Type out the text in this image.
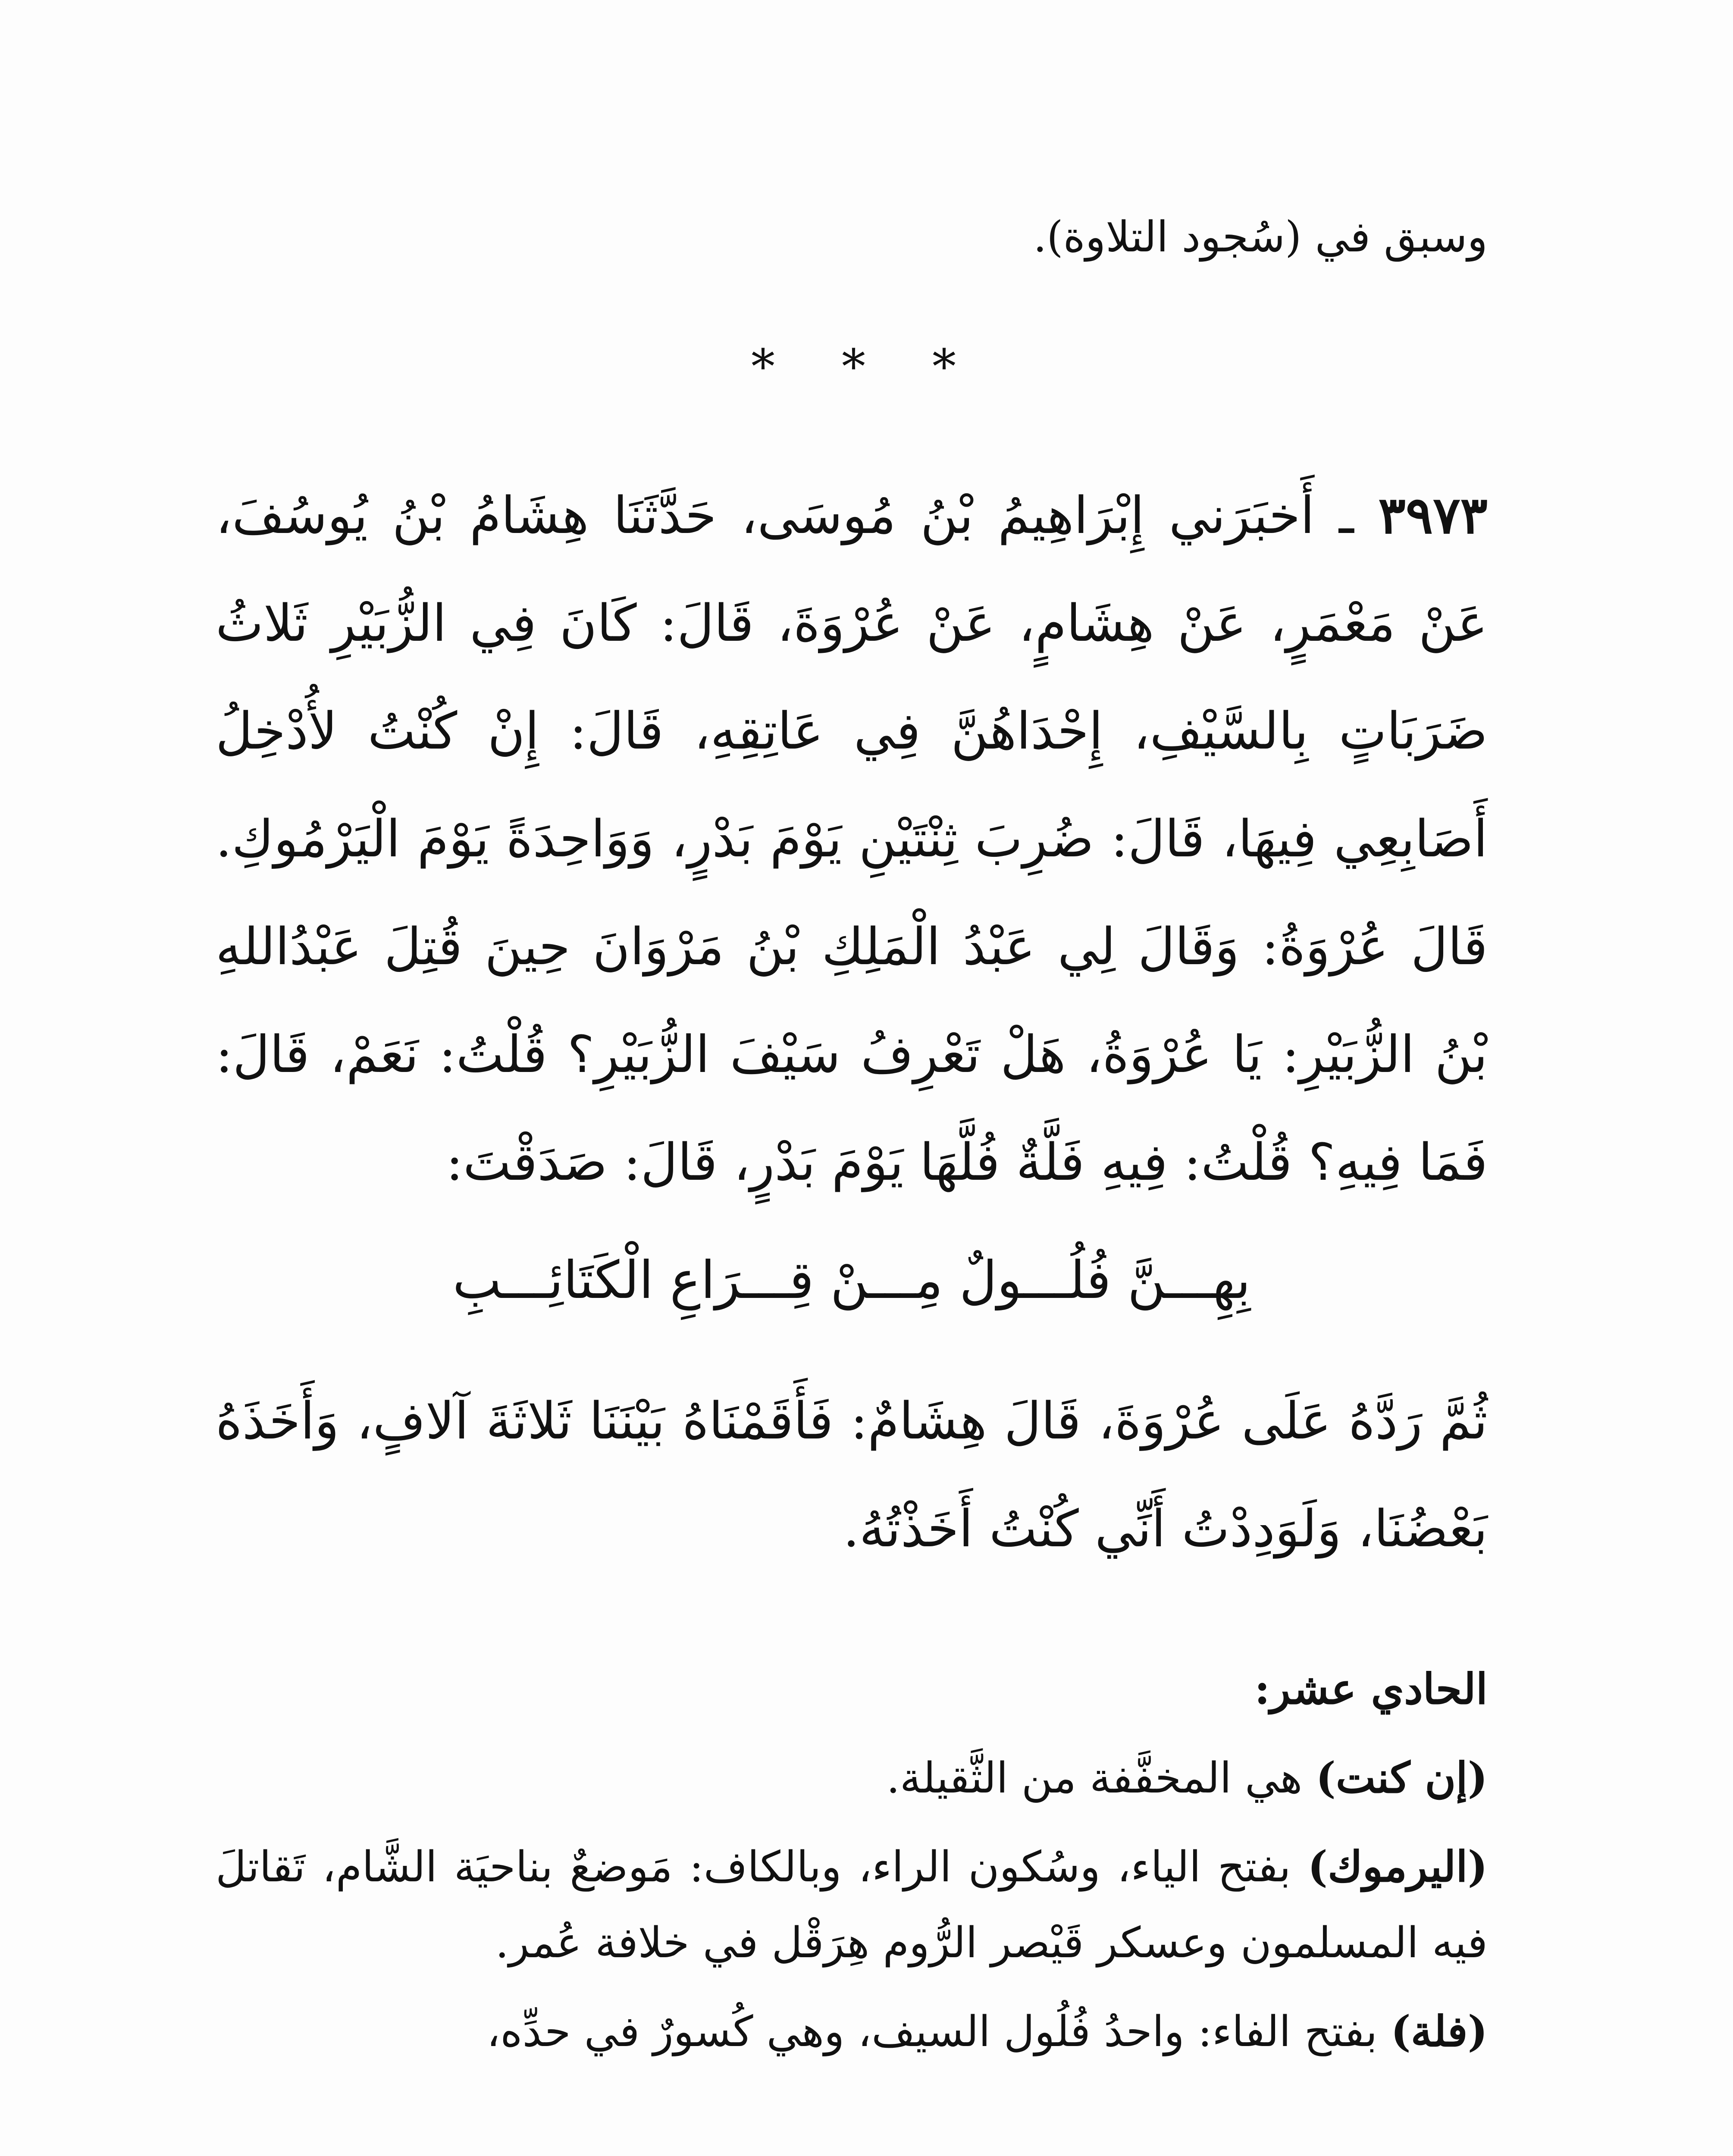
وسبق في (سُجود التلاوة).
* * *
٣٩٧٣ ـ أَخبَرَني إِبْرَاهِيمُ بْنُ مُوسَى، حَدَّثَنَا هِشَامُ بْنُ يُوسُفَ، عَنْ مَعْمَرٍ، عَنْ هِشَامٍ، عَنْ عُرْوَةَ، قَالَ: كَانَ فِي الزُّبَيْرِ ثَلاثُ ضَرَبَاتٍ بِالسَّيْفِ، إِحْدَاهُنَّ فِي عَاتِقِهِ، قَالَ: إِنْ كُنْتُ لأُدْخِلُ أَصَابِعِي فِيهَا، قَالَ: ضُرِبَ ثِنْتَيْنِ يَوْمَ بَدْرٍ، وَوَاحِدَةً يَوْمَ الْيَرْمُوكِ. قَالَ عُرْوَةُ: وَقَالَ لِي عَبْدُ الْمَلِكِ بْنُ مَرْوَانَ حِينَ قُتِلَ عَبْدُاللهِ بْنُ الزُّبَيْرِ: يَا عُرْوَةُ، هَلْ تَعْرِفُ سَيْفَ الزُّبَيْرِ؟ قُلْتُ: نَعَمْ، قَالَ: فَمَا فِيهِ؟ قُلْتُ: فِيهِ فَلَّةٌ فُلَّهَا يَوْمَ بَدْرٍ، قَالَ: صَدَقْتَ:
بِهِـــنَّ فُلُـــولٌ مِـــنْ قِـــرَاعِ الْكَتَائِـــبِ
ثُمَّ رَدَّهُ عَلَى عُرْوَةَ، قَالَ هِشَامٌ: فَأَقَمْنَاهُ بَيْنَنَا ثَلاثَةَ آلافٍ، وَأَخَذَهُ بَعْضُنَا، وَلَوَدِدْتُ أَنِّي كُنْتُ أَخَذْتُهُ.

الحادي عشر:

(إن كنت) هي المخفَّفة من الثَّقيلة.

(اليرموك) بفتح الياء، وسُكون الراء، وبالكاف: مَوضعٌ بناحيَة الشَّام، تَقاتلَ فيه المسلمون وعسكر قَيْصر الرُّوم هِرَقْل في خلافة عُمر.

(فلة) بفتح الفاء: واحدُ فُلُول السيف، وهي كُسورٌ في حدِّه،
